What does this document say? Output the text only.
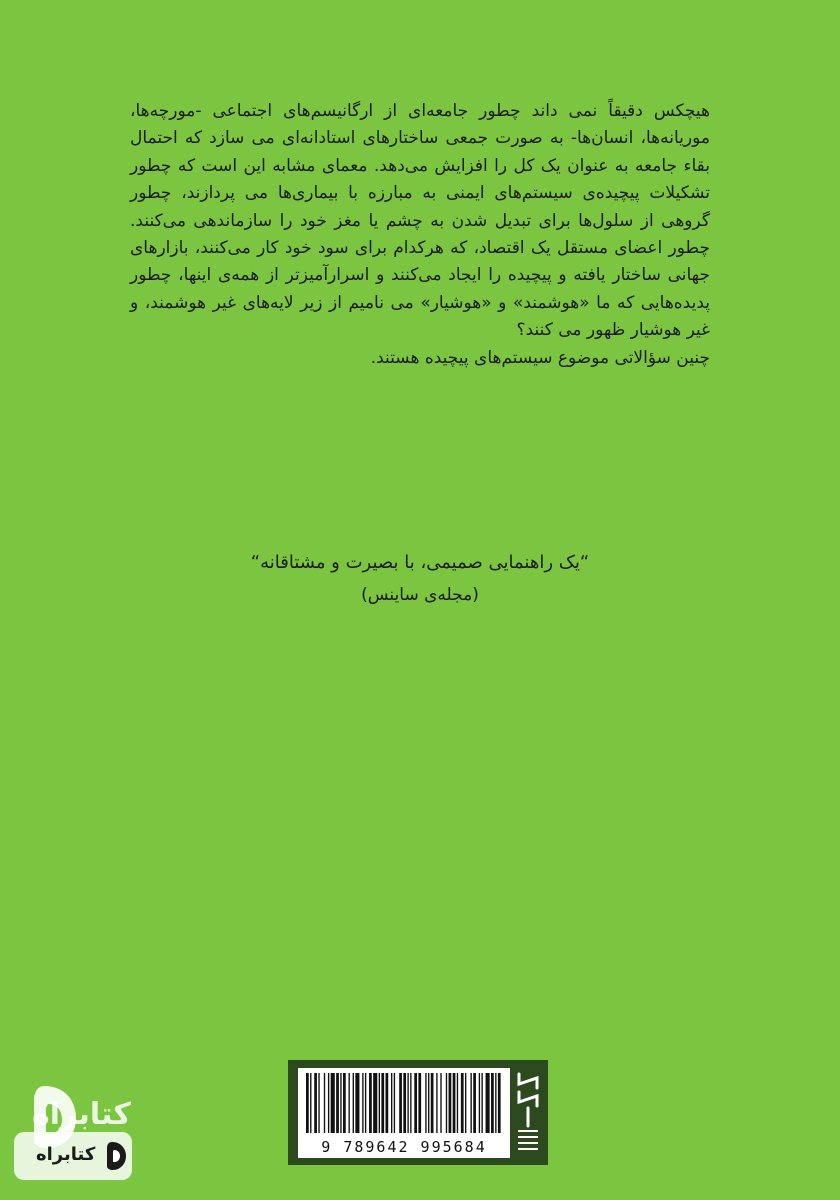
هیچکس دقیقاً نمی داند چطور جامعه‌ای از ارگانیسم‌های اجتماعی -مورچه‌ها، موریانه‌ها، انسان‌ها- به صورت جمعی ساختارهای استادانه‌ای می سازد که احتمال بقاء جامعه به عنوان یک کل را افزایش می‌دهد. معمای مشابه این است که چطور تشکیلات پیچیده‌ی سیستم‌های ایمنی به مبارزه با بیماری‌ها می پردازند، چطور گروهی از سلول‌ها برای تبدیل شدن به چشم یا مغز خود را سازماندهی می‌کنند. چطور اعضای مستقل یک اقتصاد، که هرکدام برای سود خود کار می‌کنند، بازارهای جهانی ساختار یافته و پیچیده را ایجاد می‌کنند و اسرارآمیزتر از همه‌ی اینها، چطور پدیده‌هایی که ما «هوشمند» و «هوشیار» می نامیم از زیر لایه‌های غیر هوشمند، و غیر هوشیار ظهور می کنند؟

چنین سؤالاتی موضوع سیستم‌های پیچیده هستند.

“یک راهنمایی صمیمی، با بصیرت و مشتاقانه“

(مجله‌ی ساینس)

9 789642 995684
کتابراه
کتابراه
